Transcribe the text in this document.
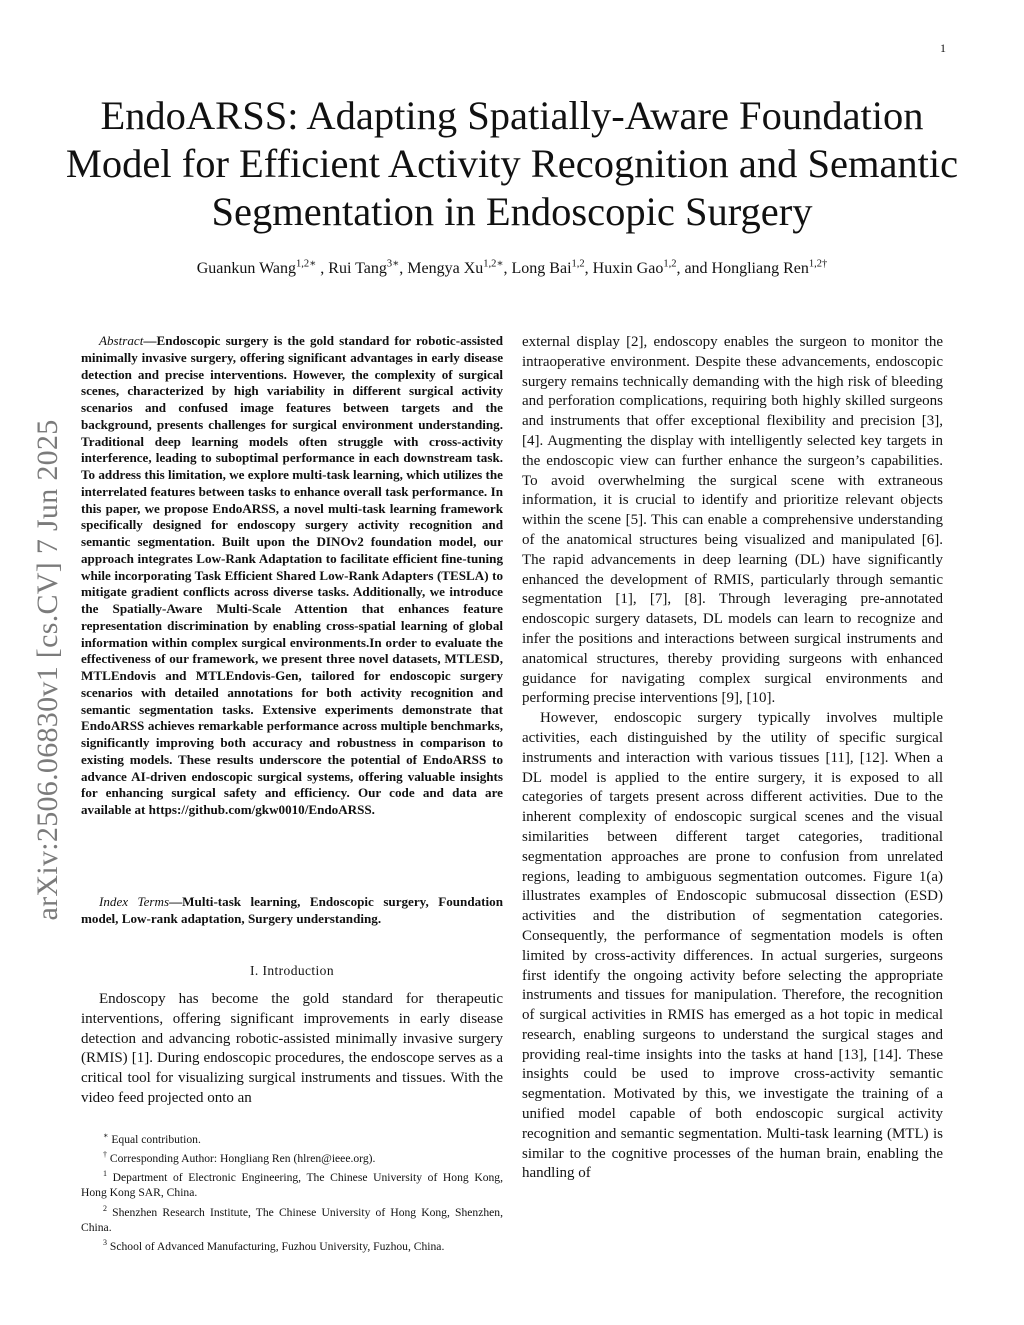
1
arXiv:2506.06830v1 [cs.CV] 7 Jun 2025
EndoARSS: Adapting Spatially-Aware Foundation Model for Efficient Activity Recognition and Semantic Segmentation in Endoscopic Surgery
Guankun Wang$^{1,2∗}$ , Rui Tang$^{3∗}$, Mengya $Xu^{1,2∗}$, Long Bai$^{1,2}$, Huxin Gao$^{1,2}$, and Hongliang Ren$^{1,2\dagger}$
Abstract—Endoscopic surgery is the gold standard for robotic-assisted minimally invasive surgery, offering significant advantages in early disease detection and precise interventions. However, the complexity of surgical scenes, characterized by high variability in different surgical activity scenarios and confused image features between targets and the background, presents challenges for surgical environment understanding. Traditional deep learning models often struggle with cross-activity interference, leading to suboptimal performance in each downstream task. To address this limitation, we explore multi-task learning, which utilizes the interrelated features between tasks to enhance overall task performance. In this paper, we propose EndoARSS, a novel multi-task learning framework specifically designed for endoscopy surgery activity recognition and semantic segmentation. Built upon the DINOv2 foundation model, our approach integrates Low-Rank Adaptation to facilitate efficient fine-tuning while incorporating Task Efficient Shared Low-Rank Adapters (TESLA) to mitigate gradient conflicts across diverse tasks. Additionally, we introduce the Spatially-Aware Multi-Scale Attention that enhances feature representation discrimination by enabling cross-spatial learning of global information within complex surgical environments.In order to evaluate the effectiveness of our framework, we present three novel datasets, MTLESD, MTLEndovis and MTLEndovis-Gen, tailored for endoscopic surgery scenarios with detailed annotations for both activity recognition and semantic segmentation tasks. Extensive experiments demonstrate that EndoARSS achieves remarkable performance across multiple benchmarks, significantly improving both accuracy and robustness in comparison to existing models. These results underscore the potential of EndoARSS to advance AI-driven endoscopic surgical systems, offering valuable insights for enhancing surgical safety and efficiency. Our code and data are available at https://github.com/gkw0010/EndoARSS.
Index Terms—Multi-task learning, Endoscopic surgery, Foundation model, Low-rank adaptation, Surgery understanding.
I. Introduction
Endoscopy has become the gold standard for therapeutic interventions, offering significant improvements in early disease detection and advancing robotic-assisted minimally invasive surgery (RMIS) [1]. During endoscopic procedures, the endoscope serves as a critical tool for visualizing surgical instruments and tissues. With the video feed projected onto an

∗ Equal contribution.

† Corresponding Author: Hongliang Ren (hlren@ieee.org).

$^1$ Department of Electronic Engineering, The Chinese University of Hong Kong, Hong Kong SAR, China.

$^2$ Shenzhen Research Institute, The Chinese University of Hong Kong, Shenzhen, China.

$^3$ School of Advanced Manufacturing, Fuzhou University, Fuzhou, China.

external display [2], endoscopy enables the surgeon to monitor the intraoperative environment. Despite these advancements, endoscopic surgery remains technically demanding with the high risk of bleeding and perforation complications, requiring both highly skilled surgeons and instruments that offer exceptional flexibility and precision [3], [4]. Augmenting the display with intelligently selected key targets in the endoscopic view can further enhance the surgeon’s capabilities. To avoid overwhelming the surgical scene with extraneous information, it is crucial to identify and prioritize relevant objects within the scene [5]. This can enable a comprehensive understanding of the anatomical structures being visualized and manipulated [6]. The rapid advancements in deep learning (DL) have significantly enhanced the development of RMIS, particularly through semantic segmentation [1], [7], [8]. Through leveraging pre-annotated endoscopic surgery datasets, DL models can learn to recognize and infer the positions and interactions between surgical instruments and anatomical structures, thereby providing surgeons with enhanced guidance for navigating complex surgical environments and performing precise interventions [9], [10].

However, endoscopic surgery typically involves multiple activities, each distinguished by the utility of specific surgical instruments and interaction with various tissues [11], [12]. When a DL model is applied to the entire surgery, it is exposed to all categories of targets present across different activities. Due to the inherent complexity of endoscopic surgical scenes and the visual similarities between different target categories, traditional segmentation approaches are prone to confusion from unrelated regions, leading to ambiguous segmentation outcomes. Figure 1(a) illustrates examples of Endoscopic submucosal dissection (ESD) activities and the distribution of segmentation categories. Consequently, the performance of segmentation models is often limited by cross-activity differences. In actual surgeries, surgeons first identify the ongoing activity before selecting the appropriate instruments and tissues for manipulation. Therefore, the recognition of surgical activities in RMIS has emerged as a hot topic in medical research, enabling surgeons to understand the surgical stages and providing real-time insights into the tasks at hand [13], [14]. These insights could be used to improve cross-activity semantic segmentation. Motivated by this, we investigate the training of a unified model capable of both endoscopic surgical activity recognition and semantic segmentation. Multi-task learning (MTL) is similar to the cognitive processes of the human brain, enabling the handling of
